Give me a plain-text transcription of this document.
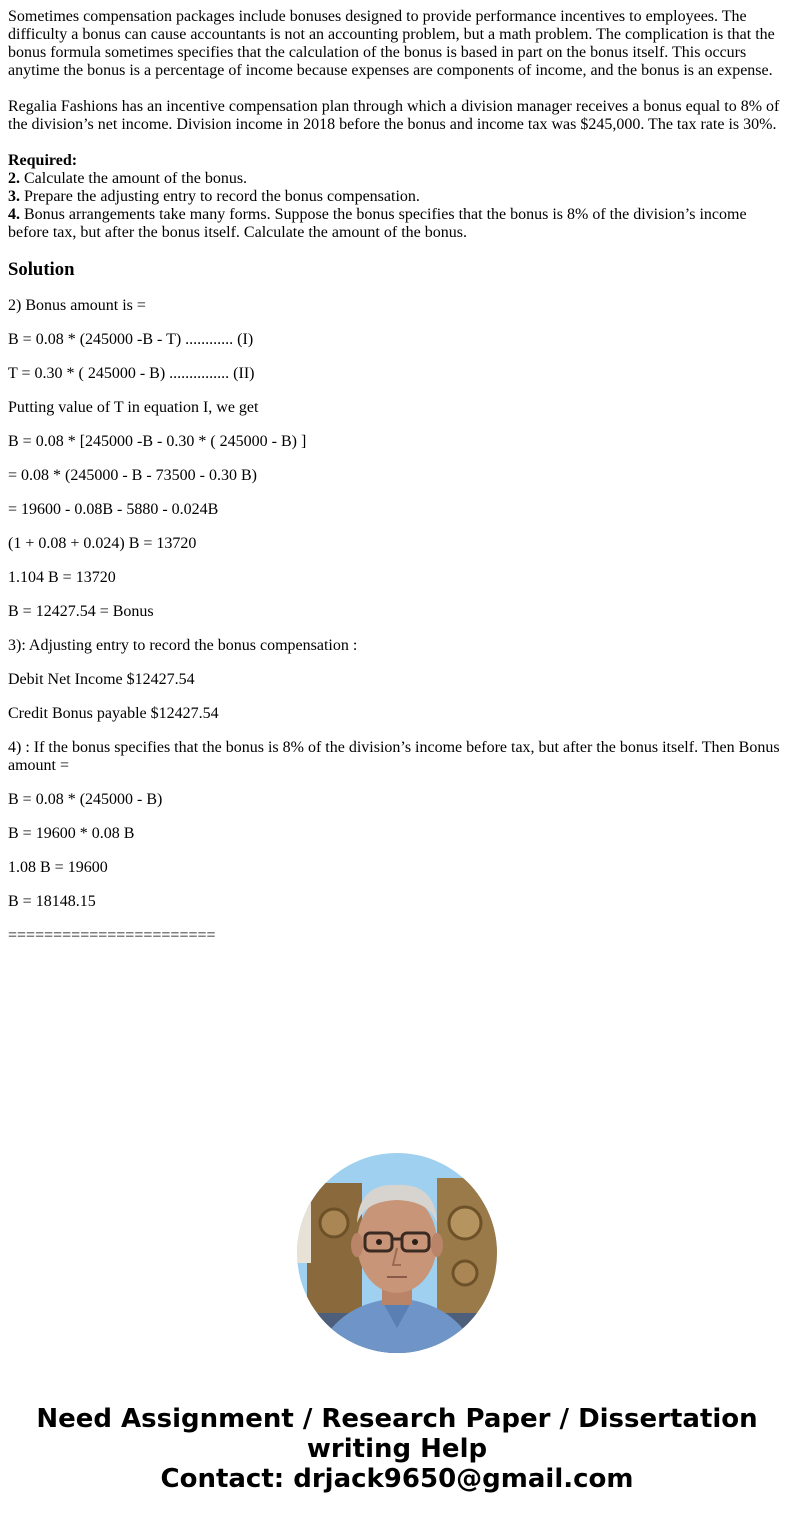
Sometimes compensation packages include bonuses designed to provide performance incentives to employees. The difficulty a bonus can cause accountants is not an accounting problem, but a math problem. The complication is that the bonus formula sometimes specifies that the calculation of the bonus is based in part on the bonus itself. This occurs anytime the bonus is a percentage of income because expenses are components of income, and the bonus is an expense.

Regalia Fashions has an incentive compensation plan through which a division manager receives a bonus equal to 8% of the division’s net income. Division income in 2018 before the bonus and income tax was $245,000. The tax rate is 30%.

Required:

2. Calculate the amount of the bonus.

3. Prepare the adjusting entry to record the bonus compensation.

4. Bonus arrangements take many forms. Suppose the bonus specifies that the bonus is 8% of the division’s income before tax, but after the bonus itself. Calculate the amount of the bonus.

Solution

2) Bonus amount is =

B = 0.08 * (245000 -B - T) ............ (I)

T = 0.30 * ( 245000 - B) ............... (II)

Putting value of T in equation I, we get

B = 0.08 * [245000 -B - 0.30 * ( 245000 - B) ]

= 0.08 * (245000 - B - 73500 - 0.30 B)

= 19600 - 0.08B - 5880 - 0.024B

(1 + 0.08 + 0.024) B = 13720

1.104 B = 13720

B = 12427.54 = Bonus

3): Adjusting entry to record the bonus compensation :

Debit Net Income $12427.54

Credit Bonus payable $12427.54

4) : If the bonus specifies that the bonus is 8% of the division’s income before tax, but after the bonus itself. Then Bonus amount =

B = 0.08 * (245000 - B)

B = 19600 * 0.08 B

1.08 B = 19600

B = 18148.15

=======================

Need Assignment / Research Paper / Dissertation
writing Help
Contact: drjack9650@gmail.com
